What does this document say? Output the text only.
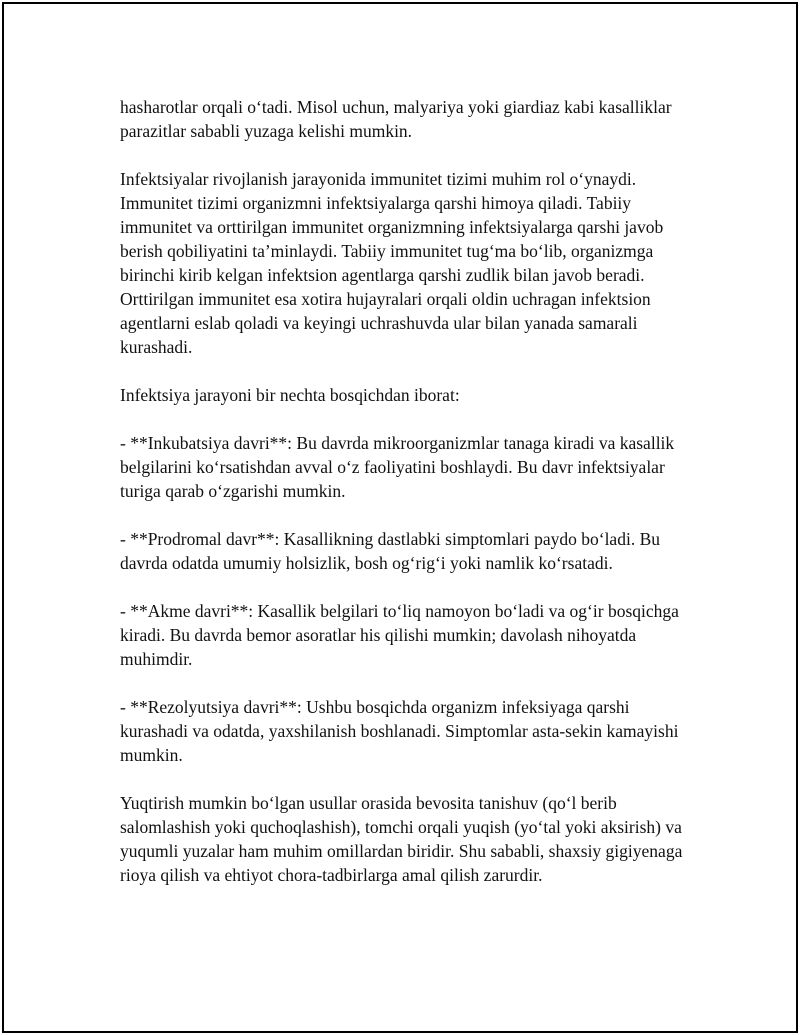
hasharotlar orqali oʻtadi. Misol uchun, malyariya yoki giardiaz kabi kasalliklar parazitlar sababli yuzaga kelishi mumkin.

Infektsiyalar rivojlanish jarayonida immunitet tizimi muhim rol oʻynaydi. Immunitet tizimi organizmni infektsiyalarga qarshi himoya qiladi. Tabiiy immunitet va orttirilgan immunitet organizmning infektsiyalarga qarshi javob berish qobiliyatini taʼminlaydi. Tabiiy immunitet tugʻma boʻlib, organizmga birinchi kirib kelgan infektsion agentlarga qarshi zudlik bilan javob beradi. Orttirilgan immunitet esa xotira hujayralari orqali oldin uchragan infektsion agentlarni eslab qoladi va keyingi uchrashuvda ular bilan yanada samarali kurashadi.

Infektsiya jarayoni bir nechta bosqichdan iborat:

- **Inkubatsiya davri**: Bu davrda mikroorganizmlar tanaga kiradi va kasallik belgilarini koʻrsatishdan avval oʻz faoliyatini boshlaydi. Bu davr infektsiyalar turiga qarab oʻzgarishi mumkin.

- **Prodromal davr**: Kasallikning dastlabki simptomlari paydo boʻladi. Bu davrda odatda umumiy holsizlik, bosh ogʻrigʻi yoki namlik koʻrsatadi.

- **Akme davri**: Kasallik belgilari toʻliq namoyon boʻladi va ogʻir bosqichga kiradi. Bu davrda bemor asoratlar his qilishi mumkin; davolash nihoyatda muhimdir.

- **Rezolyutsiya davri**: Ushbu bosqichda organizm infeksiyaga qarshi kurashadi va odatda, yaxshilanish boshlanadi. Simptomlar asta-sekin kamayishi mumkin.

Yuqtirish mumkin boʻlgan usullar orasida bevosita tanishuv (qoʻl berib salomlashish yoki quchoqlashish), tomchi orqali yuqish (yoʻtal yoki aksirish) va yuqumli yuzalar ham muhim omillardan biridir. Shu sababli, shaxsiy gigiyenaga rioya qilish va ehtiyot chora-tadbirlarga amal qilish zarurdir.
